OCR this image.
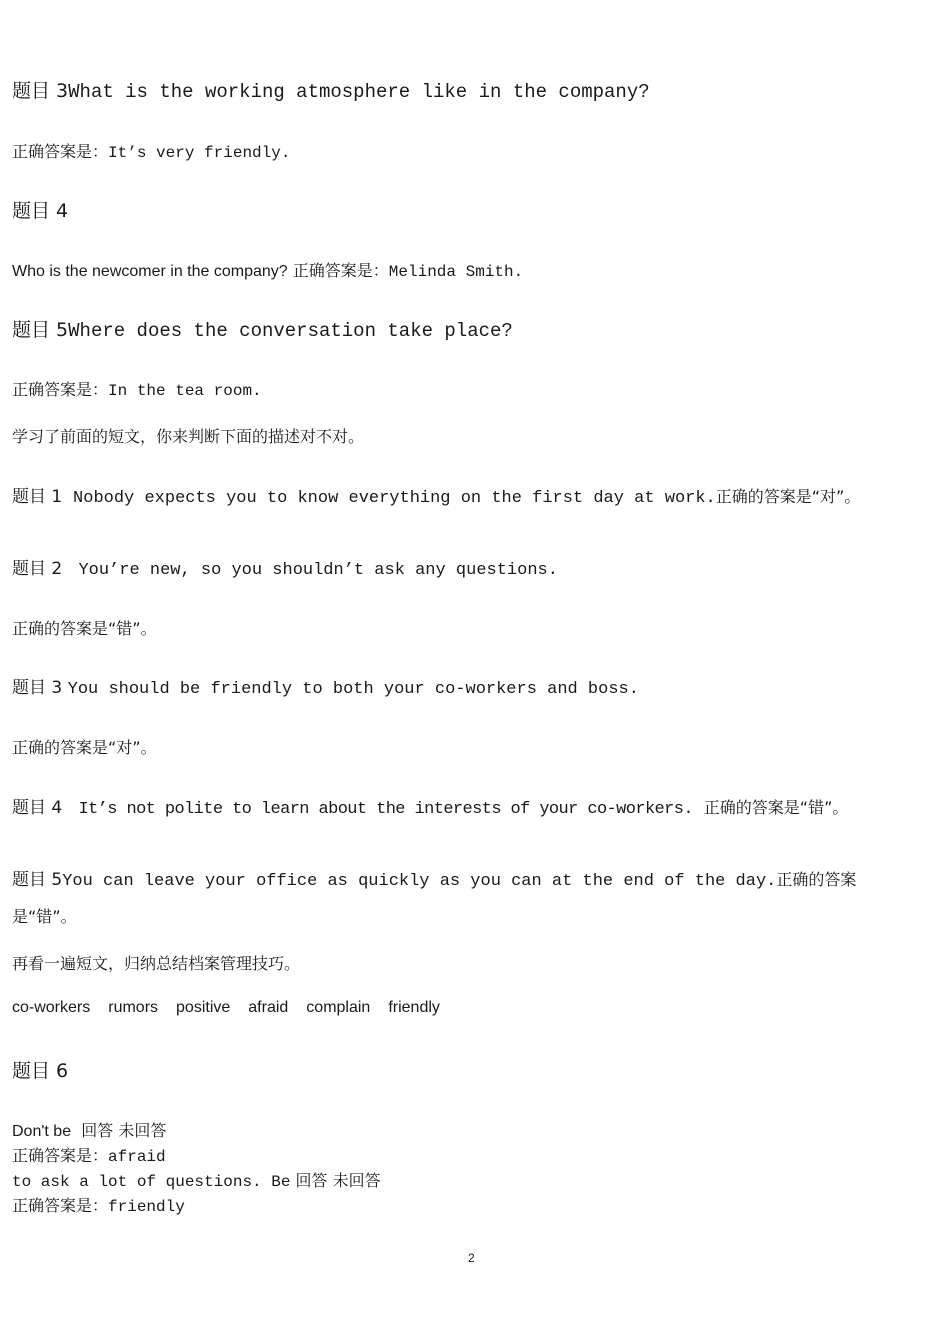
题目 3What is the working atmosphere like in the company?

正确答案是：It’s very friendly.

题目 4

Who is the newcomer in the company? 正确答案是：Melinda Smith.

题目 5Where does the conversation take place?

正确答案是：In the tea room.

学习了前面的短文，你来判断下面的描述对不对。

题目 1 Nobody expects you to know everything on the first day at work.正确的答案是“对”。

题目 2 You’re new, so you shouldn’t ask any questions.

正确的答案是“错”。

题目 3 You should be friendly to both your co-workers and boss.

正确的答案是“对”。

题目 4 It’s not polite to learn about the interests of your co-workers. 正确的答案是“错”。

题目 5You can leave your office as quickly as you can at the end of the day.正确的答案

是“错”。

再看一遍短文，归纳总结档案管理技巧。

co-workers rumors positive afraid complain friendly

题目 6

Don't be 回答 未回答

正确答案是：afraid

to ask a lot of questions. Be 回答 未回答

正确答案是：friendly

2
